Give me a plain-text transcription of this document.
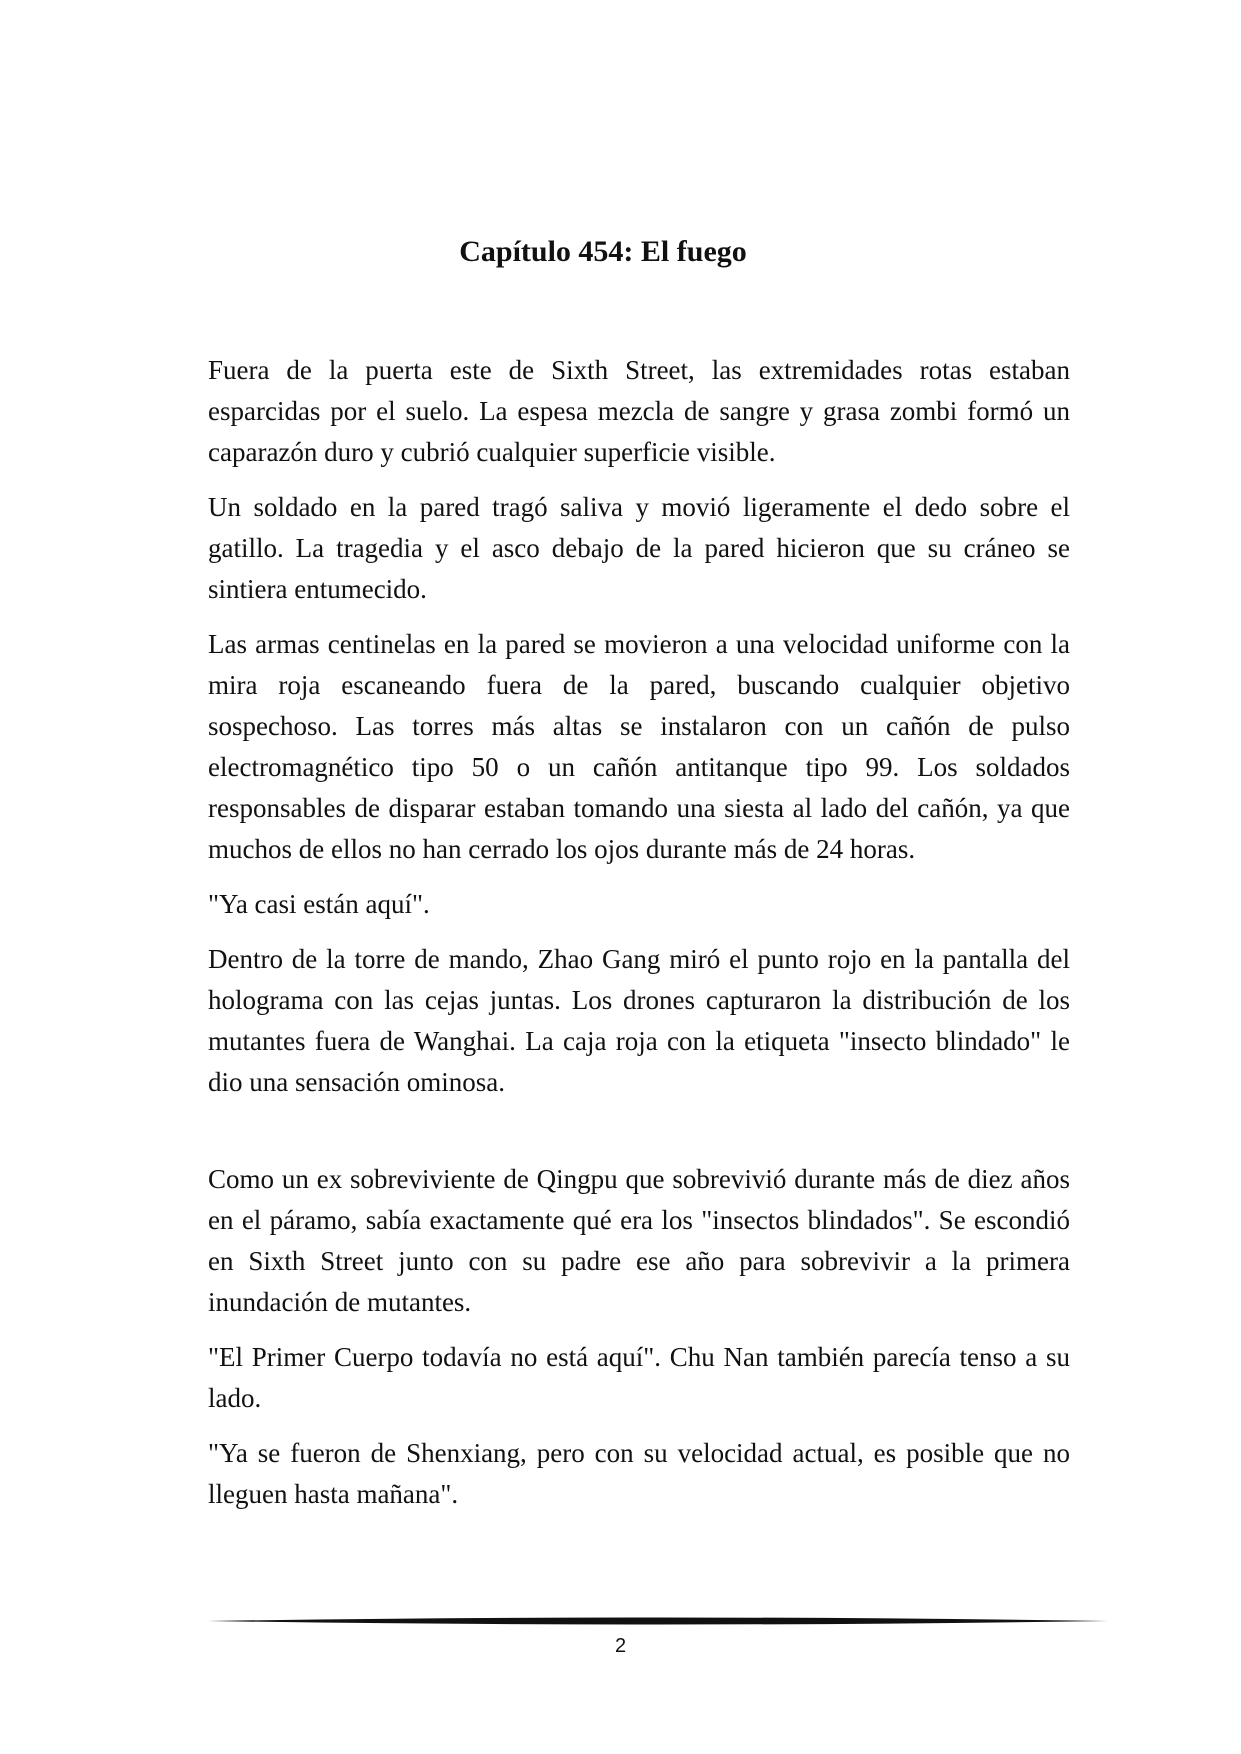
Capítulo 454: El fuego

Fuera de la puerta este de Sixth Street, las extremidades rotas estaban esparcidas por el suelo. La espesa mezcla de sangre y grasa zombi formó un caparazón duro y cubrió cualquier superficie visible.

Un soldado en la pared tragó saliva y movió ligeramente el dedo sobre el gatillo. La tragedia y el asco debajo de la pared hicieron que su cráneo se sintiera entumecido.

Las armas centinelas en la pared se movieron a una velocidad uniforme con la mira roja escaneando fuera de la pared, buscando cualquier objetivo sospechoso. Las torres más altas se instalaron con un cañón de pulso electromagnético tipo 50 o un cañón antitanque tipo 99. Los soldados responsables de disparar estaban tomando una siesta al lado del cañón, ya que muchos de ellos no han cerrado los ojos durante más de 24 horas.

"Ya casi están aquí".

Dentro de la torre de mando, Zhao Gang miró el punto rojo en la pantalla del holograma con las cejas juntas. Los drones capturaron la distribución de los mutantes fuera de Wanghai. La caja roja con la etiqueta "insecto blindado" le dio una sensación ominosa.

Como un ex sobreviviente de Qingpu que sobrevivió durante más de diez años en el páramo, sabía exactamente qué era los "insectos blindados". Se escondió en Sixth Street junto con su padre ese año para sobrevivir a la primera inundación de mutantes.

"El Primer Cuerpo todavía no está aquí". Chu Nan también parecía tenso a su lado.

"Ya se fueron de Shenxiang, pero con su velocidad actual, es posible que no lleguen hasta mañana".

2
